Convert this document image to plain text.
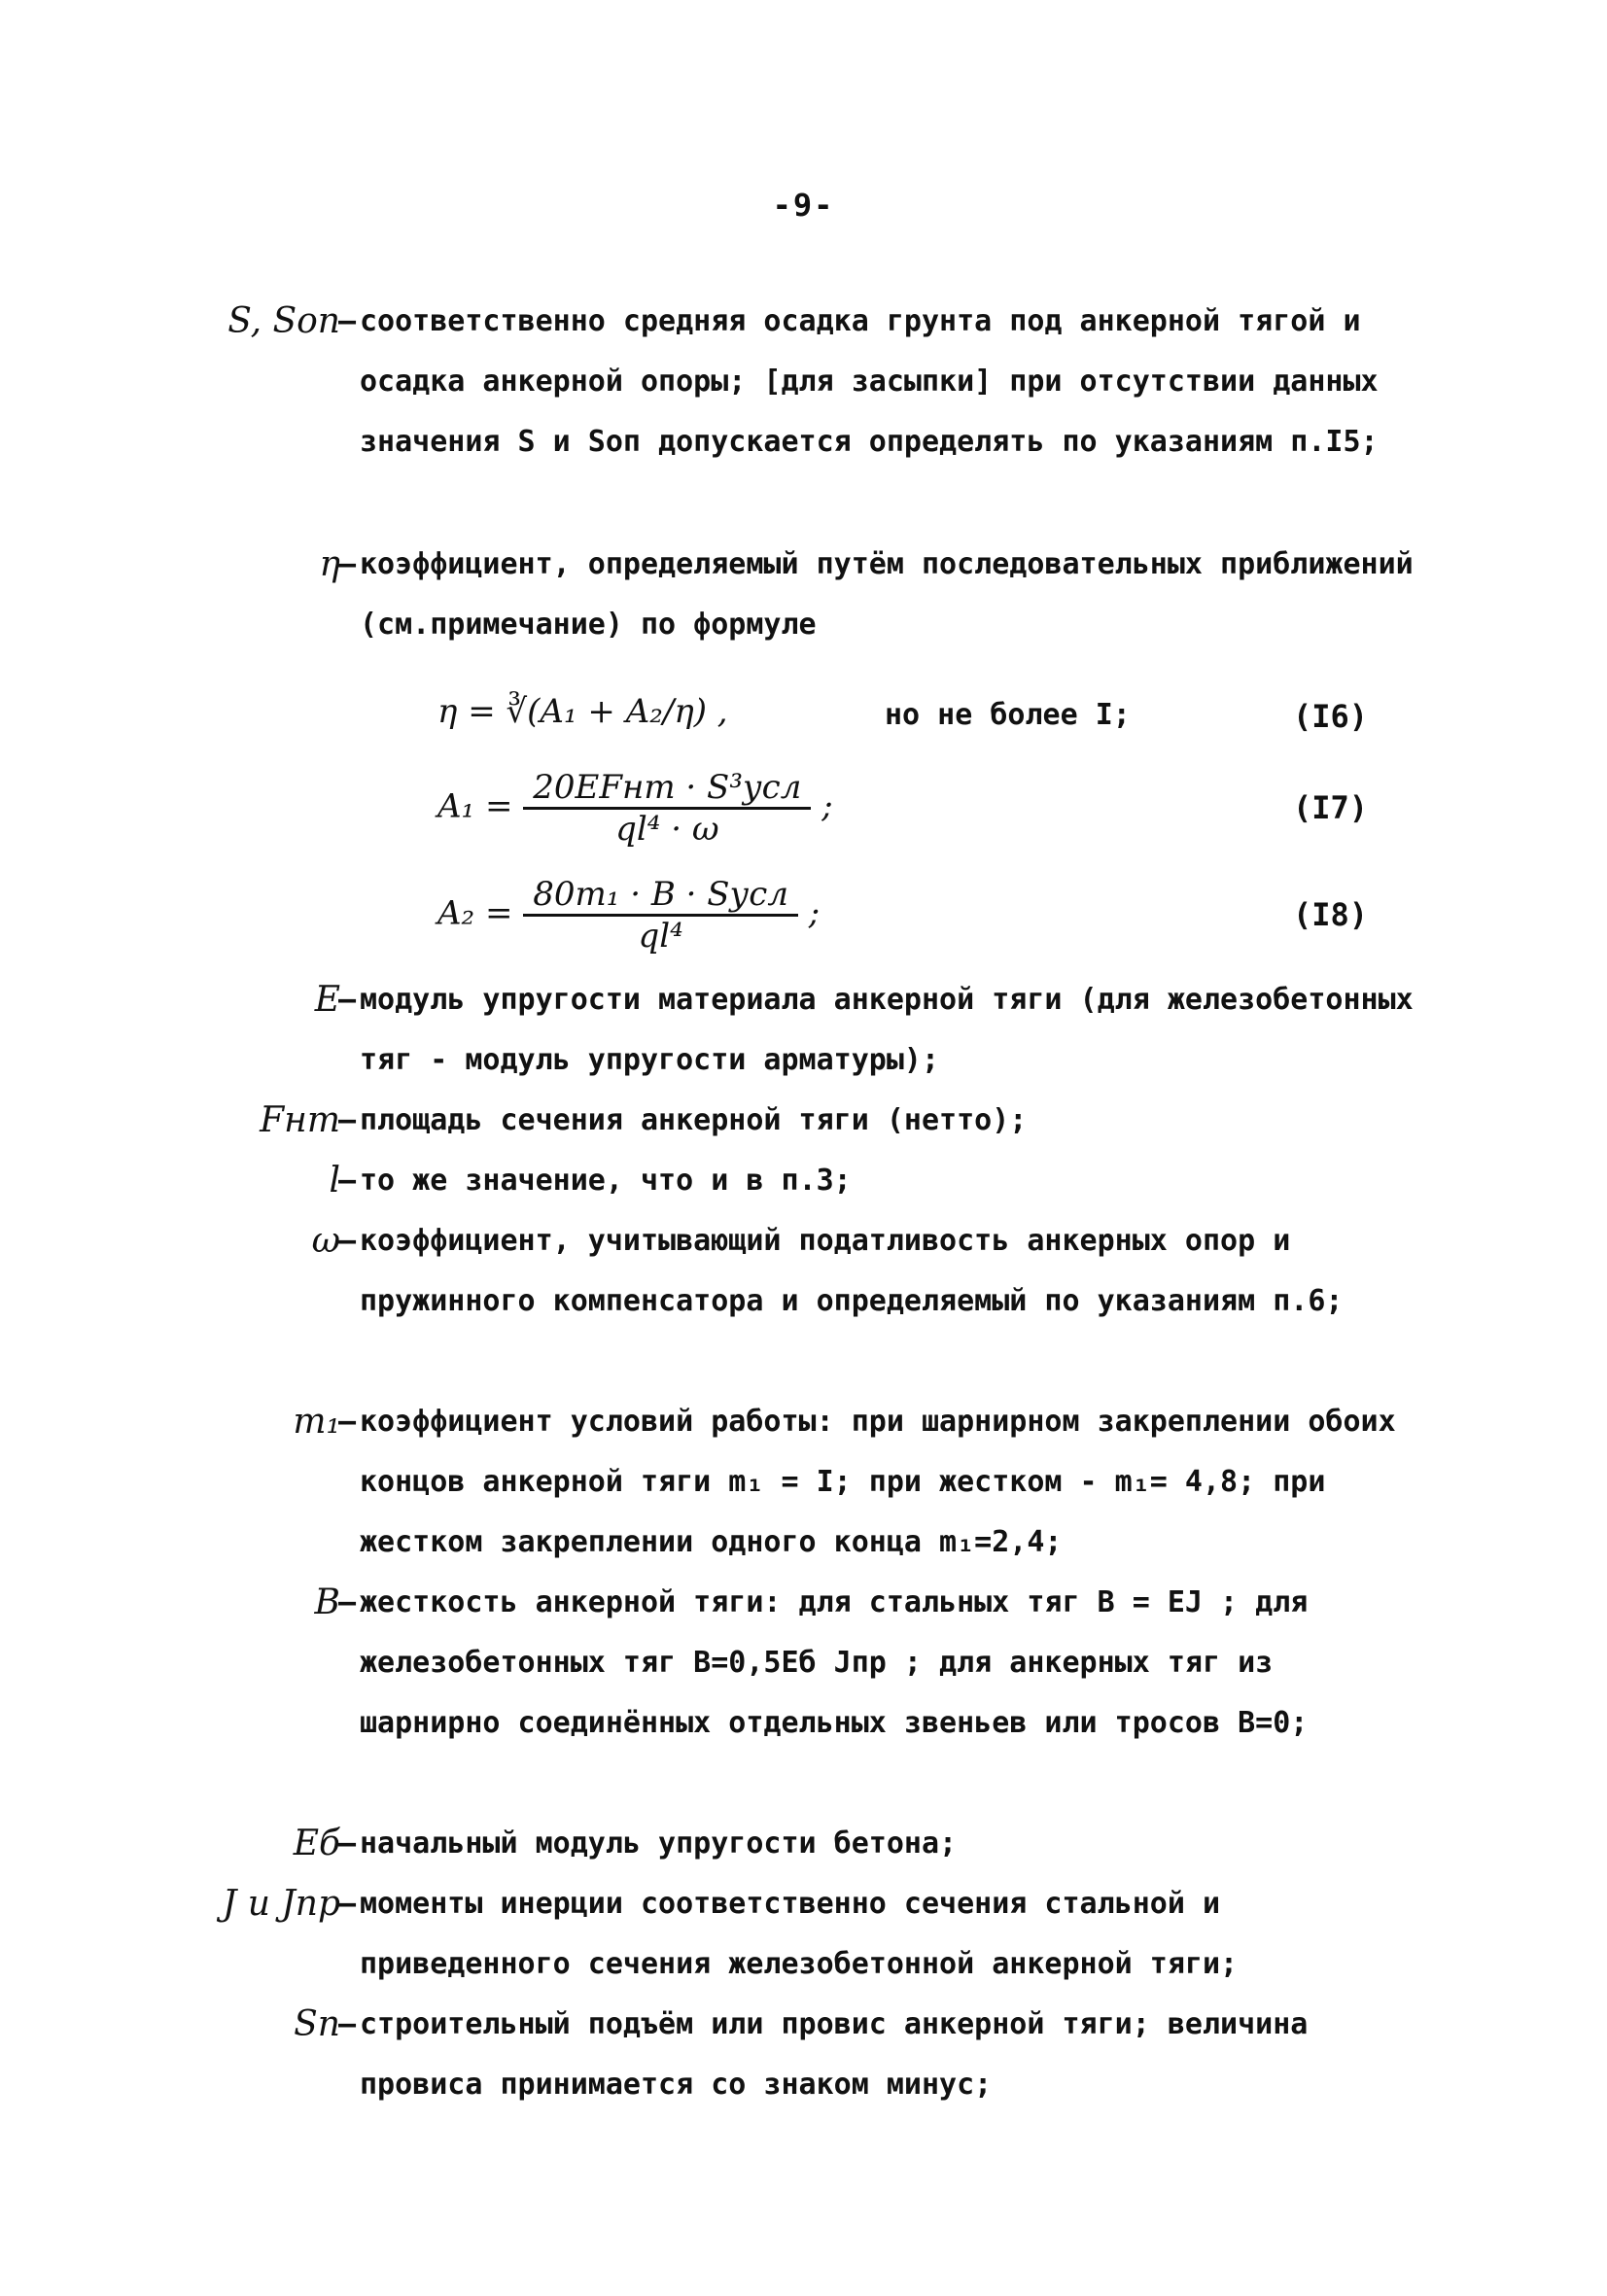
-9-
S, Sоп
– соответственно средняя осадка грунта под анкерной тягой и осадка анкерной опоры; [для засыпки] при отсутствии данных значения S и Sоп допускается определять по указаниям п.I5;
η
– коэффициент, определяемый путём последовательных приближений (см.примечание) по формуле
η = ∛(A₁ + A₂/η) ,	но не более I;	(I6)
$A_1 = \frac{\text{20EFнт · S³усл}}{\text{ql⁴ · ω}}$ ;	(I7)
$A_2 = \frac{\text{80m₁ · B · Sусл}}{\text{ql⁴}}$ ;	(I8)
E
– модуль упругости материала анкерной тяги (для железобетонных тяг - модуль упругости арматуры);
Fнт
– площадь сечения анкерной тяги (нетто);
l
– то же значение, что и в п.3;
ω
– коэффициент, учитывающий податливость анкерных опор и пружинного компенсатора и определяемый по указаниям п.6;
m₁
– коэффициент условий работы: при шарнирном закреплении обоих концов анкерной тяги m₁ = I; при жестком - m₁= 4,8; при жестком закреплении одного конца m₁=2,4;
B
– жесткость анкерной тяги: для стальных тяг B = EJ ; для железобетонных тяг B=0,5Eб Jпр ; для анкерных тяг из шарнирно соединённых отдельных звеньев или тросов B=0;
Eб
– начальный модуль упругости бетона;
J и Jпр
– моменты инерции соответственно сечения стальной и приведенного сечения железобетонной анкерной тяги;
Sп
– строительный подъём или провис анкерной тяги; величина провиса принимается со знаком минус;
